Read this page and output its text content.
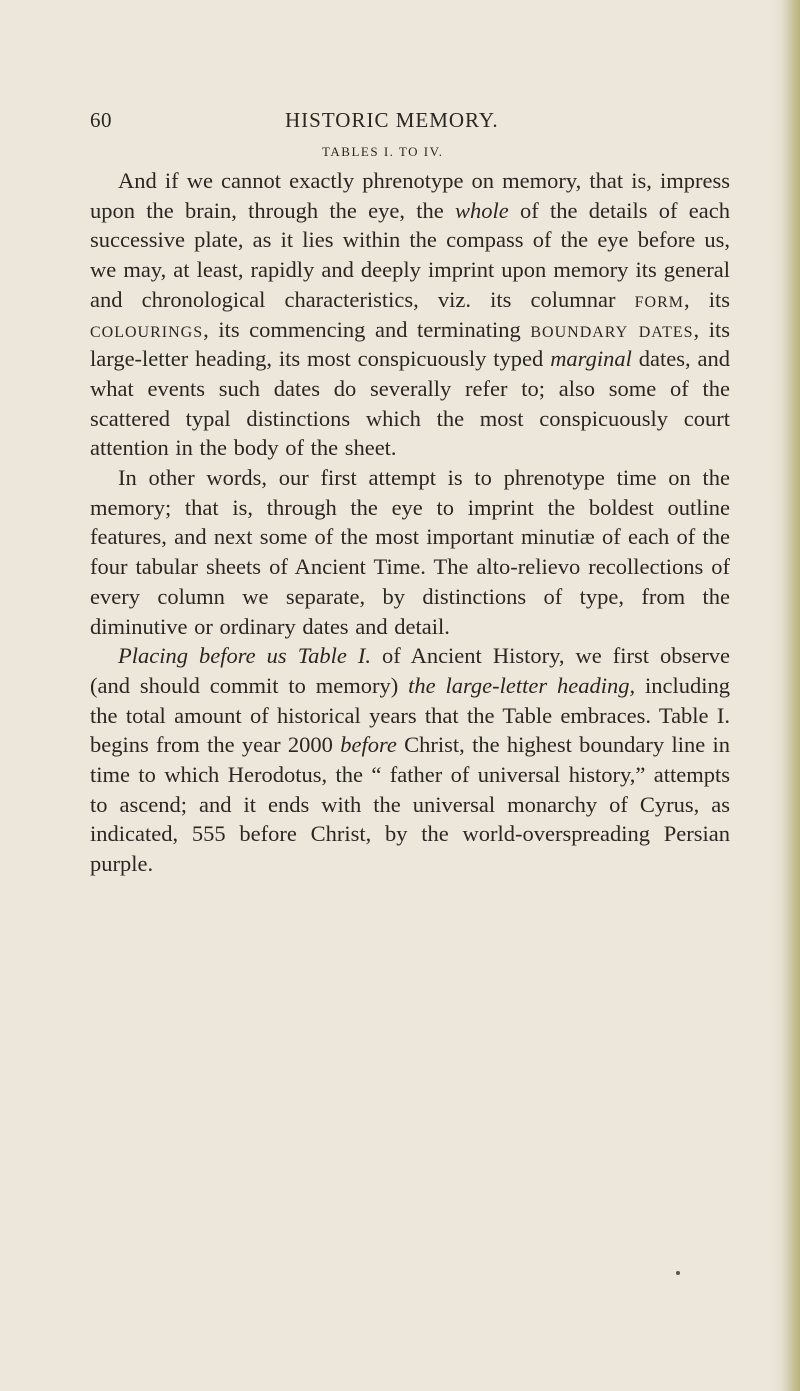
60	HISTORIC MEMORY.
TABLES I. TO IV.

And if we cannot exactly phrenotype on memory, that is, impress upon the brain, through the eye, the whole of the details of each successive plate, as it lies within the compass of the eye before us, we may, at least, rapidly and deeply imprint upon memory its general and chronological characteristics, viz. its columnar form, its colourings, its commencing and terminating boundary dates, its large-letter heading, its most conspicuously typed marginal dates, and what events such dates do severally refer to; also some of the scattered typal distinctions which the most conspicuously court attention in the body of the sheet.

In other words, our first attempt is to phrenotype time on the memory; that is, through the eye to imprint the boldest outline features, and next some of the most important minutiæ of each of the four tabular sheets of Ancient Time. The alto-relievo recollections of every column we separate, by distinctions of type, from the diminutive or ordinary dates and detail.

Placing before us Table I. of Ancient History, we first observe (and should commit to memory) the large-letter heading, including the total amount of historical years that the Table embraces. Table I. begins from the year 2000 before Christ, the highest boundary line in time to which Herodotus, the “ father of universal history,” attempts to ascend; and it ends with the universal monarchy of Cyrus, as indicated, 555 before Christ, by the world-overspreading Persian purple.
